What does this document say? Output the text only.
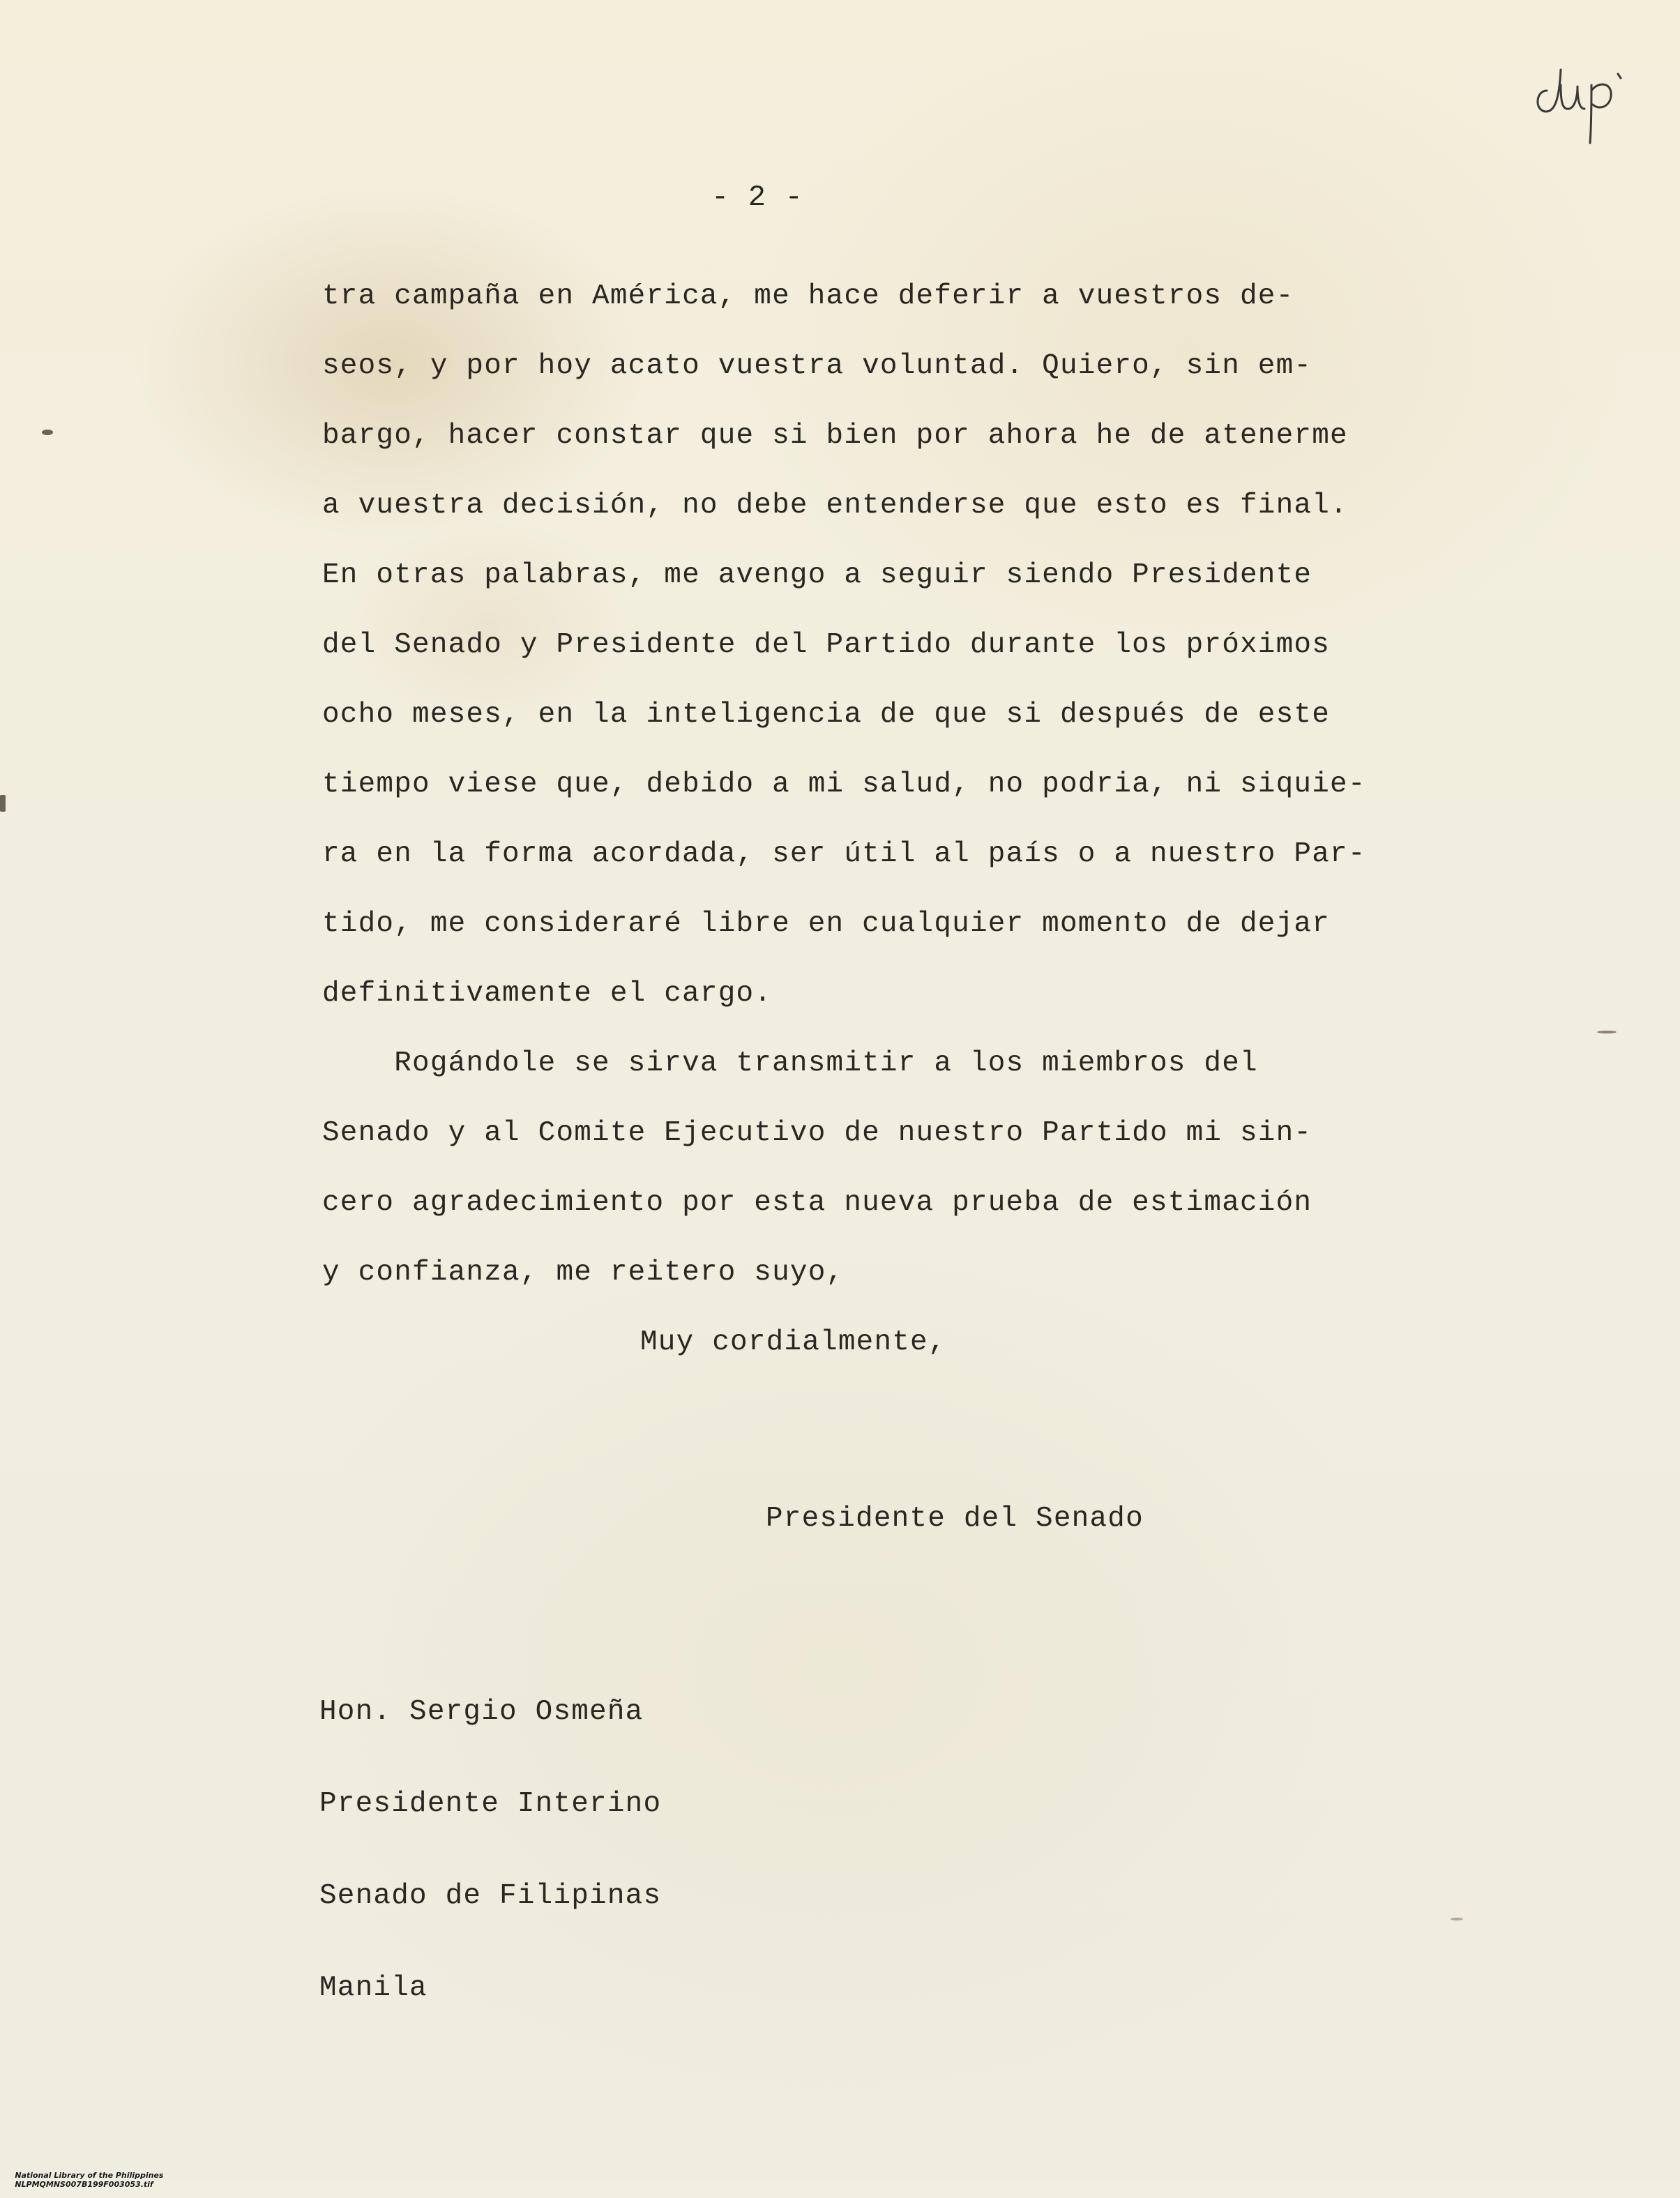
- 2 -

tra campaña en América, me hace deferir a vuestros de-

seos, y por hoy acato vuestra voluntad. Quiero, sin em-

bargo, hacer constar que si bien por ahora he de atenerme

a vuestra decisión, no debe entenderse que esto es final.

En otras palabras, me avengo a seguir siendo Presidente

del Senado y Presidente del Partido durante los próximos

ocho meses, en la inteligencia de que si después de este

tiempo viese que, debido a mi salud, no podria, ni siquie-

ra en la forma acordada, ser útil al país o a nuestro Par-

tido, me consideraré libre en cualquier momento de dejar

definitivamente el cargo.

Rogándole se sirva transmitir a los miembros del

Senado y al Comite Ejecutivo de nuestro Partido mi sin-

cero agradecimiento por esta nueva prueba de estimación

y confianza, me reitero suyo,

Muy cordialmente,

Presidente del Senado

Hon. Sergio Osmeña

Presidente Interino

Senado de Filipinas

Manila

National Library of the Philippines
NLPMQMNS007B199F003053.tif
